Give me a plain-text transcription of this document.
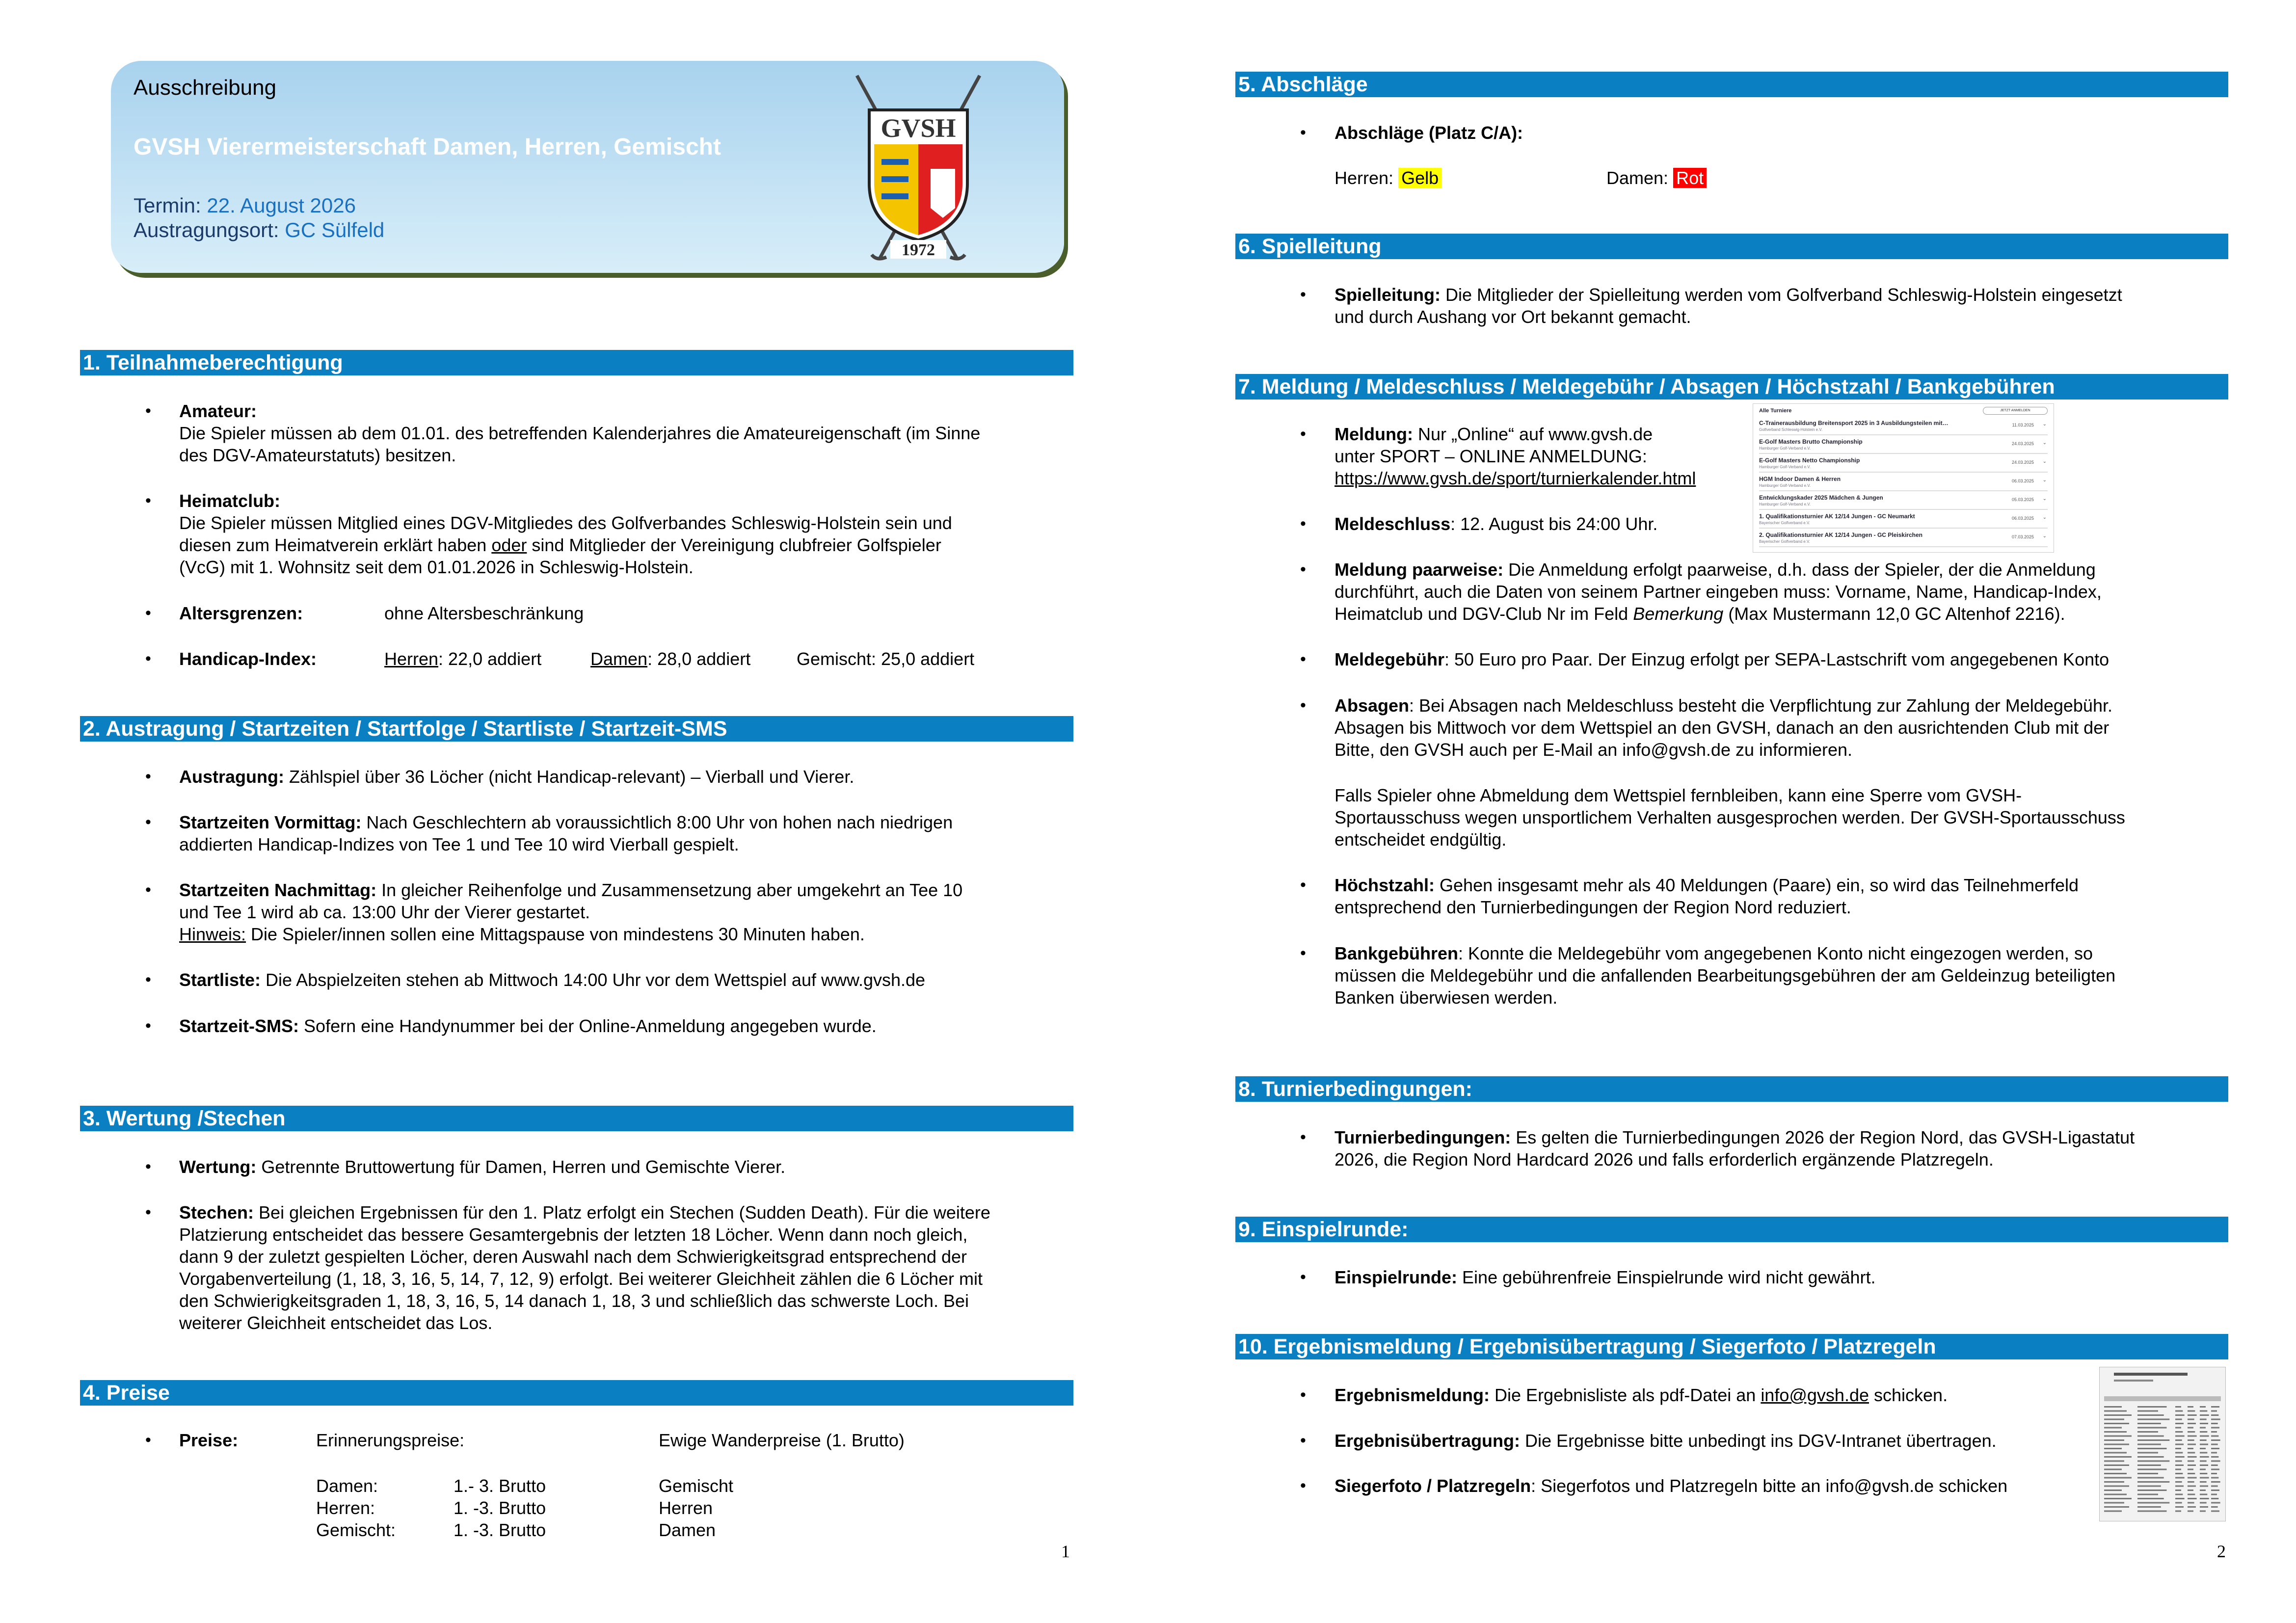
Ausschreibung
GVSH Vierermeisterschaft Damen, Herren, Gemischt
Termin: 22. August 2026
Austragungsort: GC Sülfeld
GVSH
1972
1. Teilnahmeberechtigung
• Amateur:
Die Spieler müssen ab dem 01.01. des betreffenden Kalenderjahres die Amateureigenschaft (im Sinne
des DGV-Amateurstatuts) besitzen.
• Heimatclub:
Die Spieler müssen Mitglied eines DGV-Mitgliedes des Golfverbandes Schleswig-Holstein sein und
diesen zum Heimatverein erklärt haben oder sind Mitglieder der Vereinigung clubfreier Golfspieler
(VcG) mit 1. Wohnsitz seit dem 01.01.2026 in Schleswig-Holstein.
• Altersgrenzen:	ohne Altersbeschränkung
• Handicap-Index:	Herren: 22,0 addiert	Damen: 28,0 addiert	Gemischt: 25,0 addiert
2. Austragung / Startzeiten / Startfolge / Startliste / Startzeit-SMS
• Austragung: Zählspiel über 36 Löcher (nicht Handicap-relevant) – Vierball und Vierer.
• Startzeiten Vormittag: Nach Geschlechtern ab voraussichtlich 8:00 Uhr von hohen nach niedrigen
addierten Handicap-Indizes von Tee 1 und Tee 10 wird Vierball gespielt.
• Startzeiten Nachmittag: In gleicher Reihenfolge und Zusammensetzung aber umgekehrt an Tee 10
und Tee 1 wird ab ca. 13:00 Uhr der Vierer gestartet.
Hinweis: Die Spieler/innen sollen eine Mittagspause von mindestens 30 Minuten haben.
• Startliste: Die Abspielzeiten stehen ab Mittwoch 14:00 Uhr vor dem Wettspiel auf www.gvsh.de
• Startzeit-SMS: Sofern eine Handynummer bei der Online-Anmeldung angegeben wurde.
3. Wertung /Stechen
• Wertung: Getrennte Bruttowertung für Damen, Herren und Gemischte Vierer.
• Stechen: Bei gleichen Ergebnissen für den 1. Platz erfolgt ein Stechen (Sudden Death). Für die weitere
Platzierung entscheidet das bessere Gesamtergebnis der letzten 18 Löcher. Wenn dann noch gleich,
dann 9 der zuletzt gespielten Löcher, deren Auswahl nach dem Schwierigkeitsgrad entsprechend der
Vorgabenverteilung (1, 18, 3, 16, 5, 14, 7, 12, 9) erfolgt. Bei weiterer Gleichheit zählen die 6 Löcher mit
den Schwierigkeitsgraden 1, 18, 3, 16, 5, 14 danach 1, 18, 3 und schließlich das schwerste Loch. Bei
weiterer Gleichheit entscheidet das Los.
4. Preise
• Preise:	Erinnerungspreise:	Ewige Wanderpreise (1. Brutto)
Damen:	1.- 3. Brutto	Gemischt
Herren:	1. -3. Brutto	Herren
Gemischt:	1. -3. Brutto	Damen
1
5. Abschläge
• Abschläge (Platz C/A):
Herren: Gelb	Damen: Rot
6. Spielleitung
• Spielleitung: Die Mitglieder der Spielleitung werden vom Golfverband Schleswig-Holstein eingesetzt
und durch Aushang vor Ort bekannt gemacht.
7. Meldung / Meldeschluss / Meldegebühr / Absagen / Höchstzahl / Bankgebühren
• Meldung: Nur „Online“ auf www.gvsh.de
unter SPORT – ONLINE ANMELDUNG:
https://www.gvsh.de/sport/turnierkalender.html
Alle Turniere	JETZT ANMELDEN
C-Trainerausbildung Breitensport 2025 in 3 Ausbildungsteilen mit…
Golfverband Schleswig-Holstein e.V.
11.03.2025 ⌄
E-Golf Masters Brutto Championship
Hamburger Golf-Verband e.V.
24.03.2025 ⌄
E-Golf Masters Netto Championship
Hamburger Golf-Verband e.V.
24.03.2025 ⌄
HGM Indoor Damen & Herren
Hamburger Golf-Verband e.V.
06.03.2025 ⌄
Entwicklungskader 2025 Mädchen & Jungen
Hamburger Golf-Verband e.V.
05.03.2025 ⌄
1. Qualifikationsturnier AK 12/14 Jungen - GC Neumarkt
Bayerischer Golfverband e.V.
06.03.2025 ⌄
2. Qualifikationsturnier AK 12/14 Jungen - GC Pleiskirchen
Bayerischer Golfverband e.V.
07.03.2025 ⌄
• Meldeschluss: 12. August bis 24:00 Uhr.
• Meldung paarweise: Die Anmeldung erfolgt paarweise, d.h. dass der Spieler, der die Anmeldung
durchführt, auch die Daten von seinem Partner eingeben muss: Vorname, Name, Handicap-Index,
Heimatclub und DGV-Club Nr im Feld Bemerkung (Max Mustermann 12,0 GC Altenhof 2216).
• Meldegebühr: 50 Euro pro Paar. Der Einzug erfolgt per SEPA-Lastschrift vom angegebenen Konto
• Absagen: Bei Absagen nach Meldeschluss besteht die Verpflichtung zur Zahlung der Meldegebühr.
Absagen bis Mittwoch vor dem Wettspiel an den GVSH, danach an den ausrichtenden Club mit der
Bitte, den GVSH auch per E-Mail an info@gvsh.de zu informieren.
Falls Spieler ohne Abmeldung dem Wettspiel fernbleiben, kann eine Sperre vom GVSH-
Sportausschuss wegen unsportlichem Verhalten ausgesprochen werden. Der GVSH-Sportausschuss
entscheidet endgültig.
• Höchstzahl: Gehen insgesamt mehr als 40 Meldungen (Paare) ein, so wird das Teilnehmerfeld
entsprechend den Turnierbedingungen der Region Nord reduziert.
• Bankgebühren: Konnte die Meldegebühr vom angegebenen Konto nicht eingezogen werden, so
müssen die Meldegebühr und die anfallenden Bearbeitungsgebühren der am Geldeinzug beteiligten
Banken überwiesen werden.
8. Turnierbedingungen:
• Turnierbedingungen: Es gelten die Turnierbedingungen 2026 der Region Nord, das GVSH-Ligastatut
2026, die Region Nord Hardcard 2026 und falls erforderlich ergänzende Platzregeln.
9. Einspielrunde:
• Einspielrunde: Eine gebührenfreie Einspielrunde wird nicht gewährt.
10. Ergebnismeldung / Ergebnisübertragung / Siegerfoto / Platzregeln
• Ergebnismeldung: Die Ergebnisliste als pdf-Datei an info@gvsh.de schicken.
• Ergebnisübertragung: Die Ergebnisse bitte unbedingt ins DGV-Intranet übertragen.
• Siegerfoto / Platzregeln: Siegerfotos und Platzregeln bitte an info@gvsh.de schicken
2
